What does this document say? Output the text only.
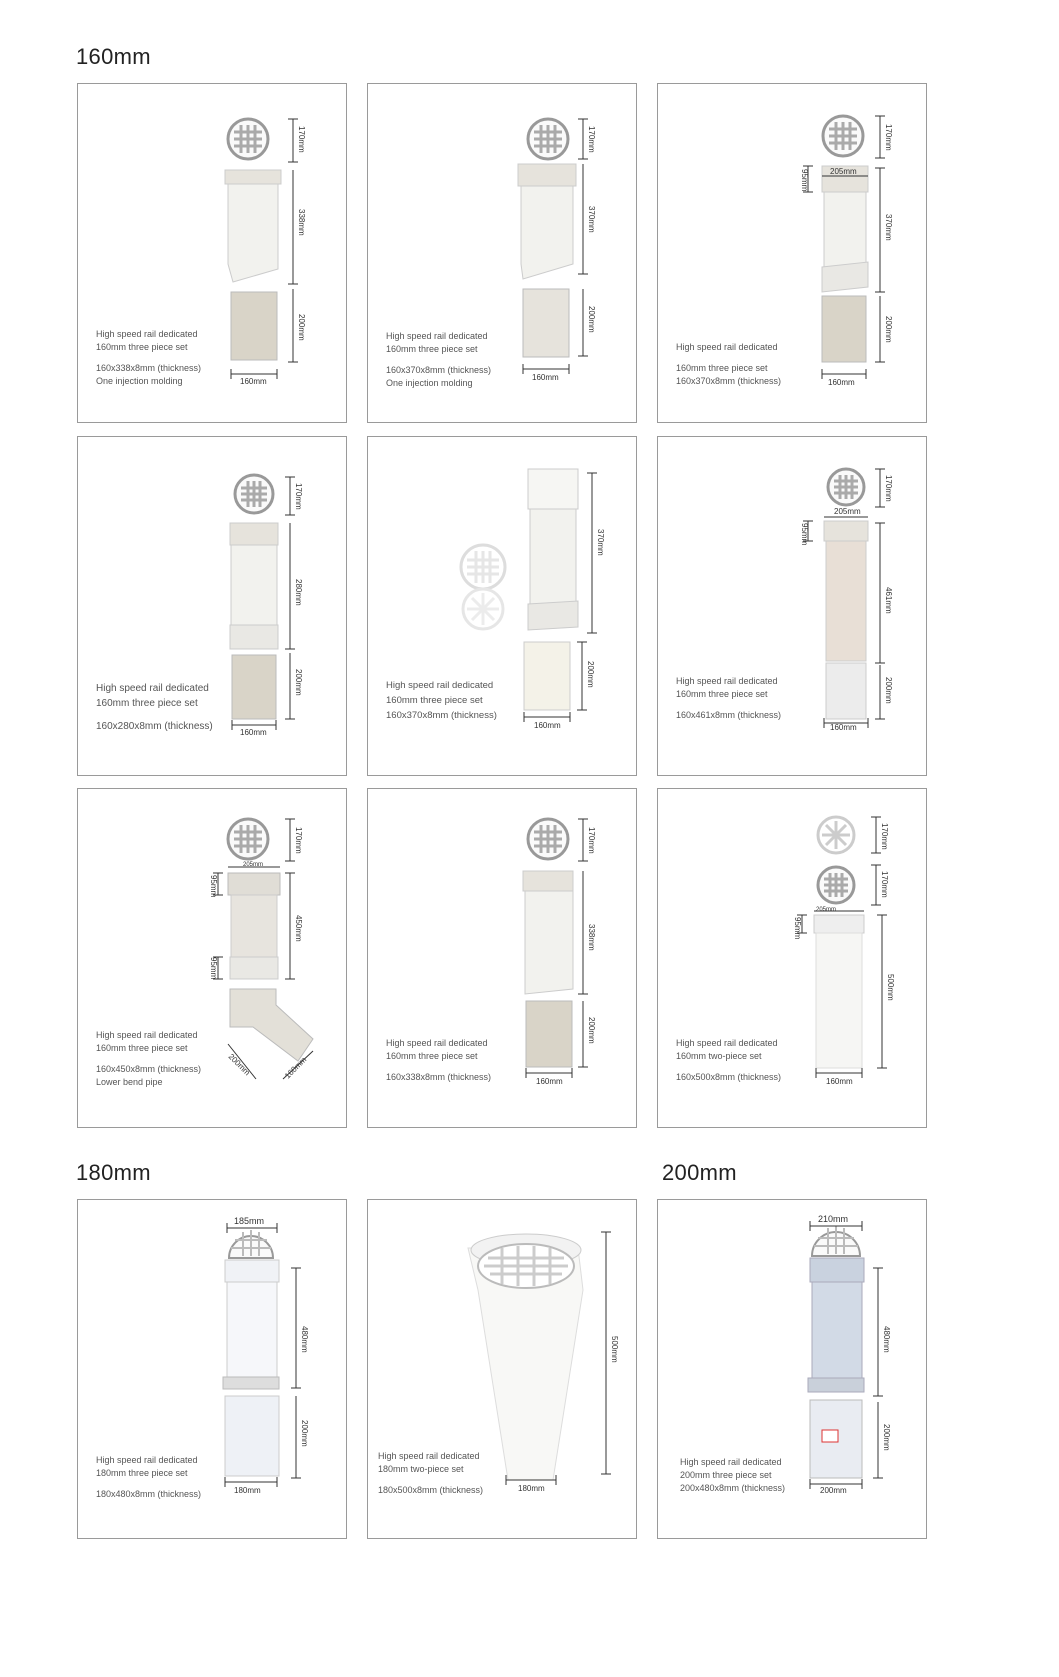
160mm
180mm	200mm
170mm
338mm
200mm
160mm
High speed rail dedicated
160mm three piece set
160x338x8mm (thickness)
One injection molding
170mm
370mm
200mm
160mm
High speed rail dedicated
160mm three piece set
160x370x8mm (thickness)
One injection molding
170mm
95mm	205mm
370mm
200mm
160mm
High speed rail dedicated
160mm three piece set
160x370x8mm (thickness)
170mm
280mm
200mm
160mm
High speed rail dedicated
160mm three piece set
160x280x8mm (thickness)
370mm
200mm
160mm
High speed rail dedicated
160mm three piece set
160x370x8mm (thickness)
170mm
95mm
205mm
461mm
200mm
160mm
High speed rail dedicated
160mm three piece set
160x461x8mm (thickness)
170mm
95mm
205mm
450mm
95mm
200mm	160mm
High speed rail dedicated
160mm three piece set
160x450x8mm (thickness)
Lower bend pipe
170mm
338mm
200mm
160mm
High speed rail dedicated
160mm three piece set
160x338x8mm (thickness)
170mm
170mm
95mm
205mm
500mm
160mm
High speed rail dedicated
160mm two-piece set
160x500x8mm (thickness)
185mm
480mm
200mm
180mm
High speed rail dedicated
180mm three piece set
180x480x8mm (thickness)
500mm
180mm
High speed rail dedicated
180mm two-piece set
180x500x8mm (thickness)
210mm
480mm
200mm
200mm
High speed rail dedicated
200mm three piece set
200x480x8mm (thickness)
